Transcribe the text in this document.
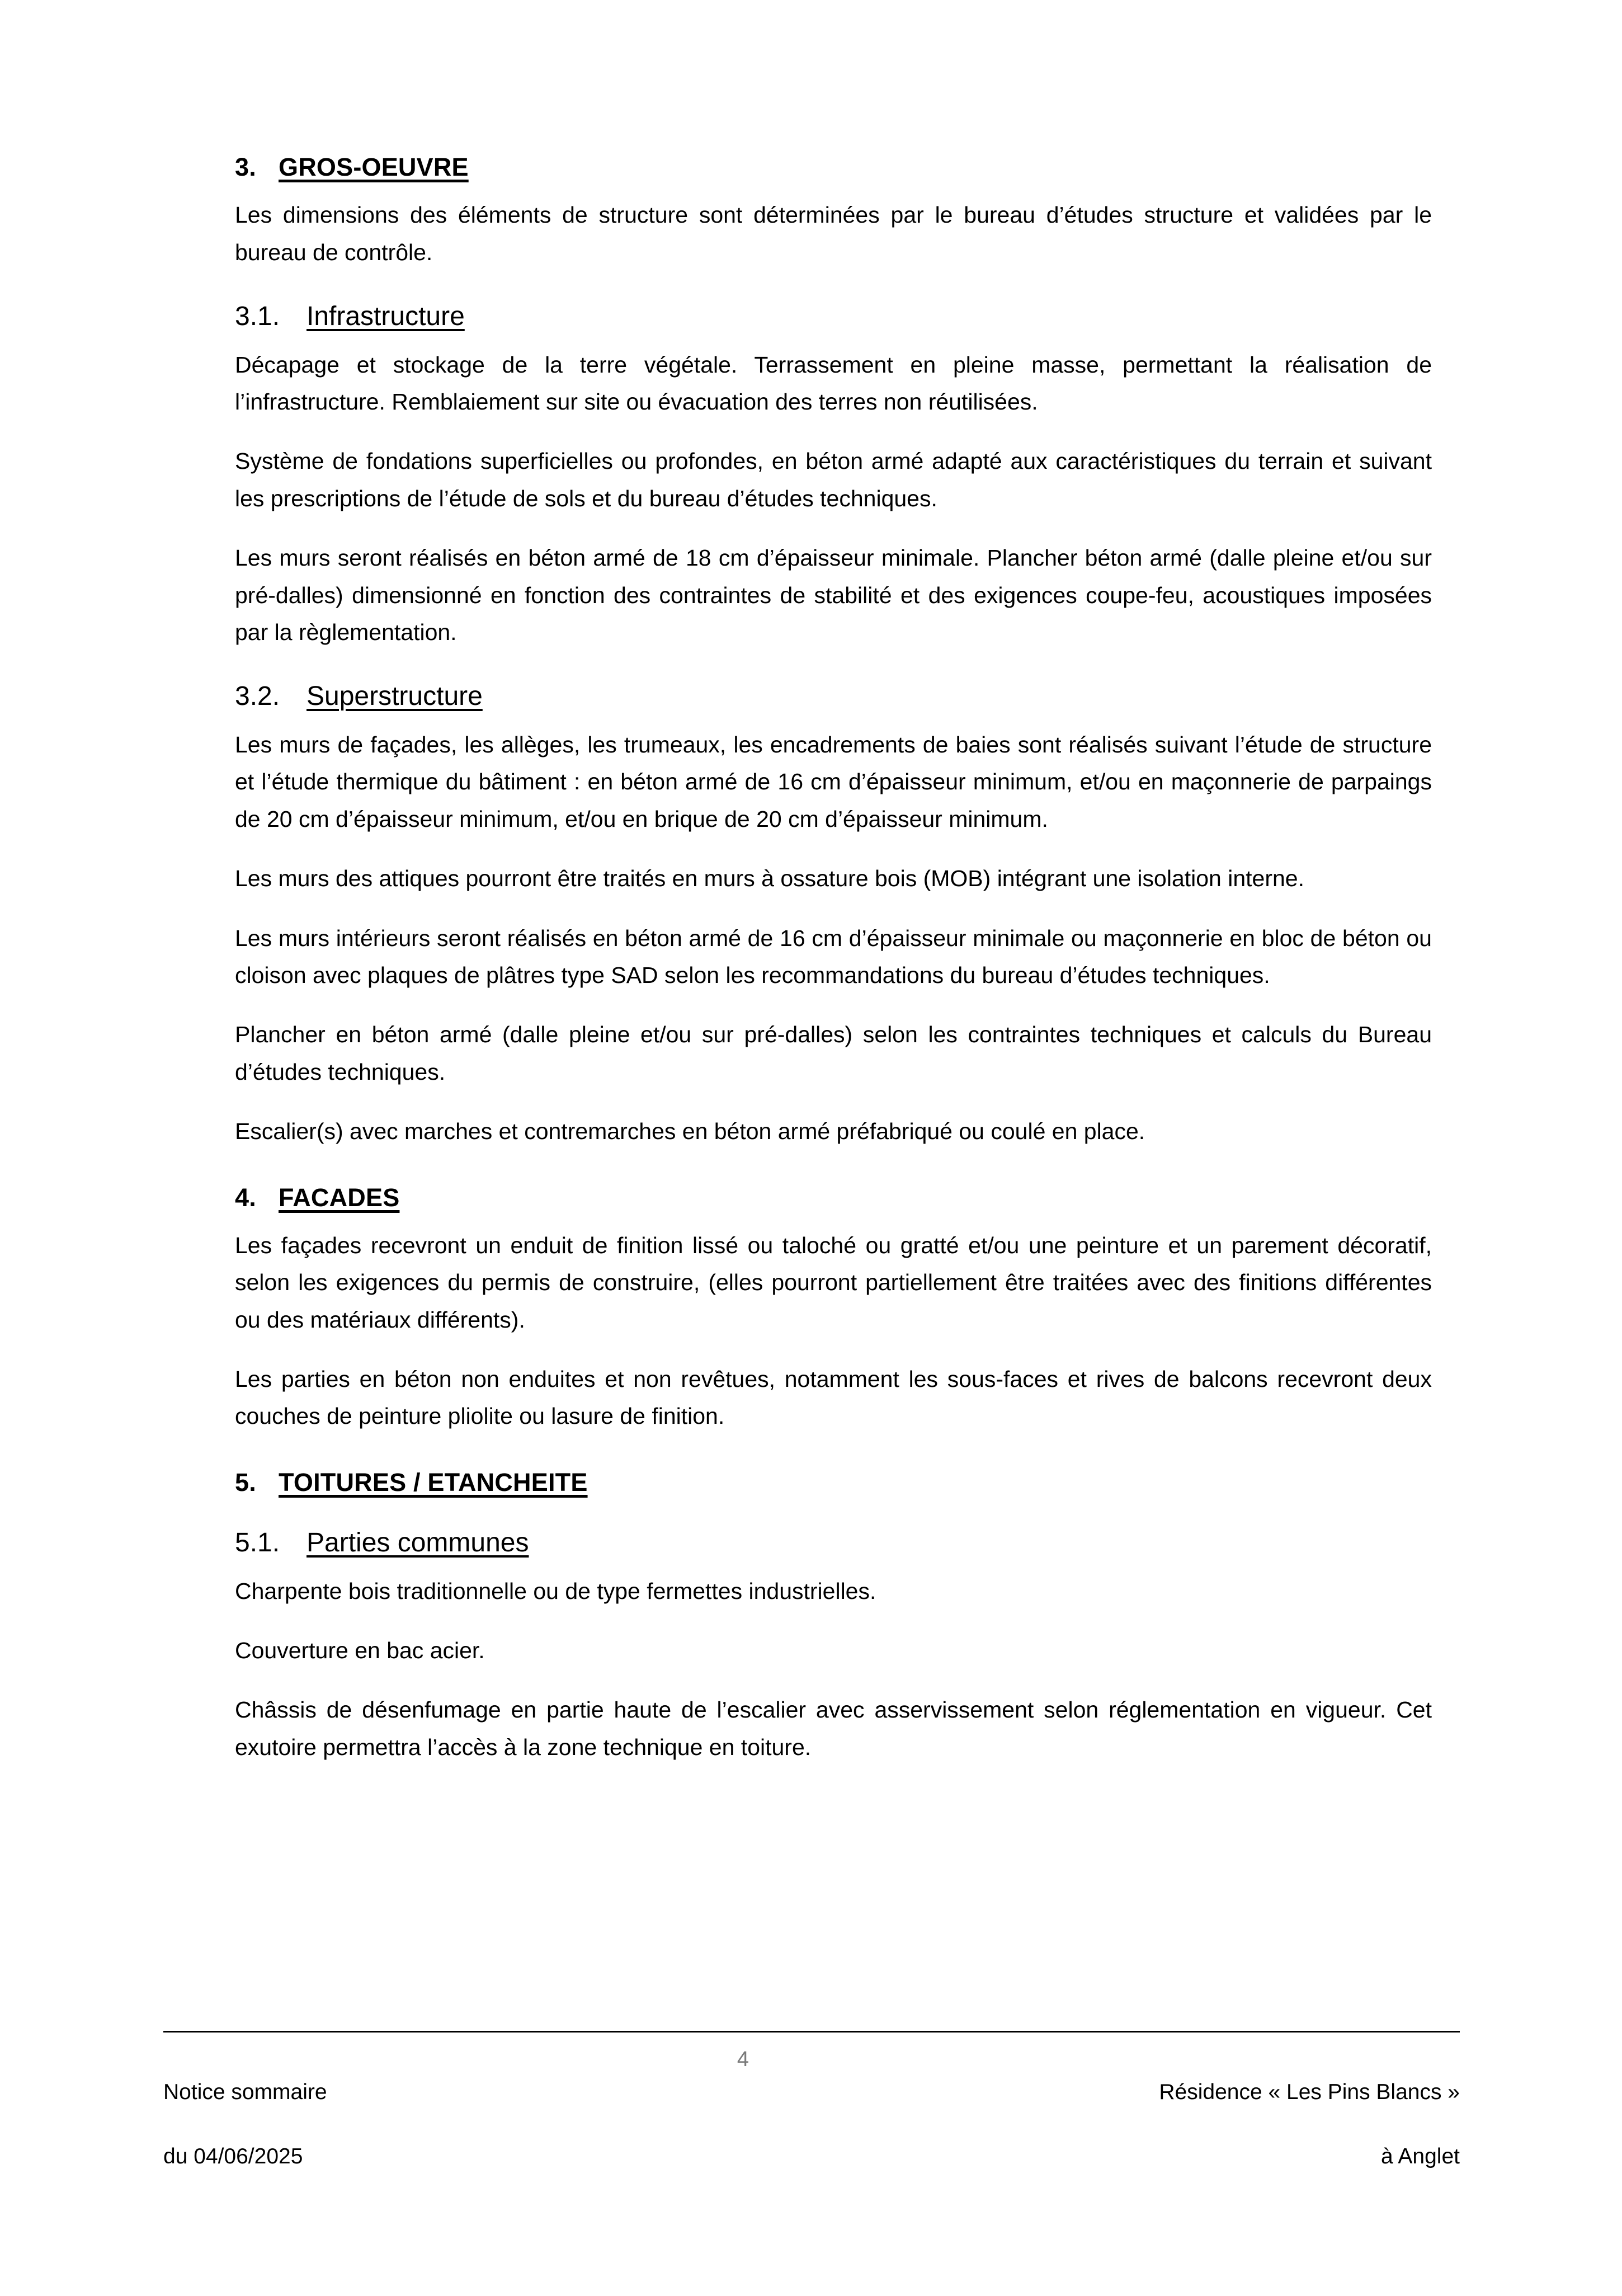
3. GROS-OEUVRE

Les dimensions des éléments de structure sont déterminées par le bureau d’études structure et validées par le bureau de contrôle.

3.1. Infrastructure

Décapage et stockage de la terre végétale. Terrassement en pleine masse, permettant la réalisation de l’infrastructure. Remblaiement sur site ou évacuation des terres non réutilisées.

Système de fondations superficielles ou profondes, en béton armé adapté aux caractéristiques du terrain et suivant les prescriptions de l’étude de sols et du bureau d’études techniques.

Les murs seront réalisés en béton armé de 18 cm d’épaisseur minimale. Plancher béton armé (dalle pleine et/ou sur pré-dalles) dimensionné en fonction des contraintes de stabilité et des exigences coupe-feu, acoustiques imposées par la règlementation.

3.2. Superstructure

Les murs de façades, les allèges, les trumeaux, les encadrements de baies sont réalisés suivant l’étude de structure et l’étude thermique du bâtiment : en béton armé de 16 cm d’épaisseur minimum, et/ou en maçonnerie de parpaings de 20 cm d’épaisseur minimum, et/ou en brique de 20 cm d’épaisseur minimum.

Les murs des attiques pourront être traités en murs à ossature bois (MOB) intégrant une isolation interne.

Les murs intérieurs seront réalisés en béton armé de 16 cm d’épaisseur minimale ou maçonnerie en bloc de béton ou cloison avec plaques de plâtres type SAD selon les recommandations du bureau d’études techniques.

Plancher en béton armé (dalle pleine et/ou sur pré-dalles) selon les contraintes techniques et calculs du Bureau d’études techniques.

Escalier(s) avec marches et contremarches en béton armé préfabriqué ou coulé en place.

4. FACADES

Les façades recevront un enduit de finition lissé ou taloché ou gratté et/ou une peinture et un parement décoratif, selon les exigences du permis de construire, (elles pourront partiellement être traitées avec des finitions différentes ou des matériaux différents).

Les parties en béton non enduites et non revêtues, notamment les sous-faces et rives de balcons recevront deux couches de peinture pliolite ou lasure de finition.

5. TOITURES / ETANCHEITE
5.1. Parties communes

Charpente bois traditionnelle ou de type fermettes industrielles.

Couverture en bac acier.

Châssis de désenfumage en partie haute de l’escalier avec asservissement selon réglementation en vigueur. Cet exutoire permettra l’accès à la zone technique en toiture.

Notice sommaire

du 04/06/2025

4

Résidence « Les Pins Blancs »

à Anglet
